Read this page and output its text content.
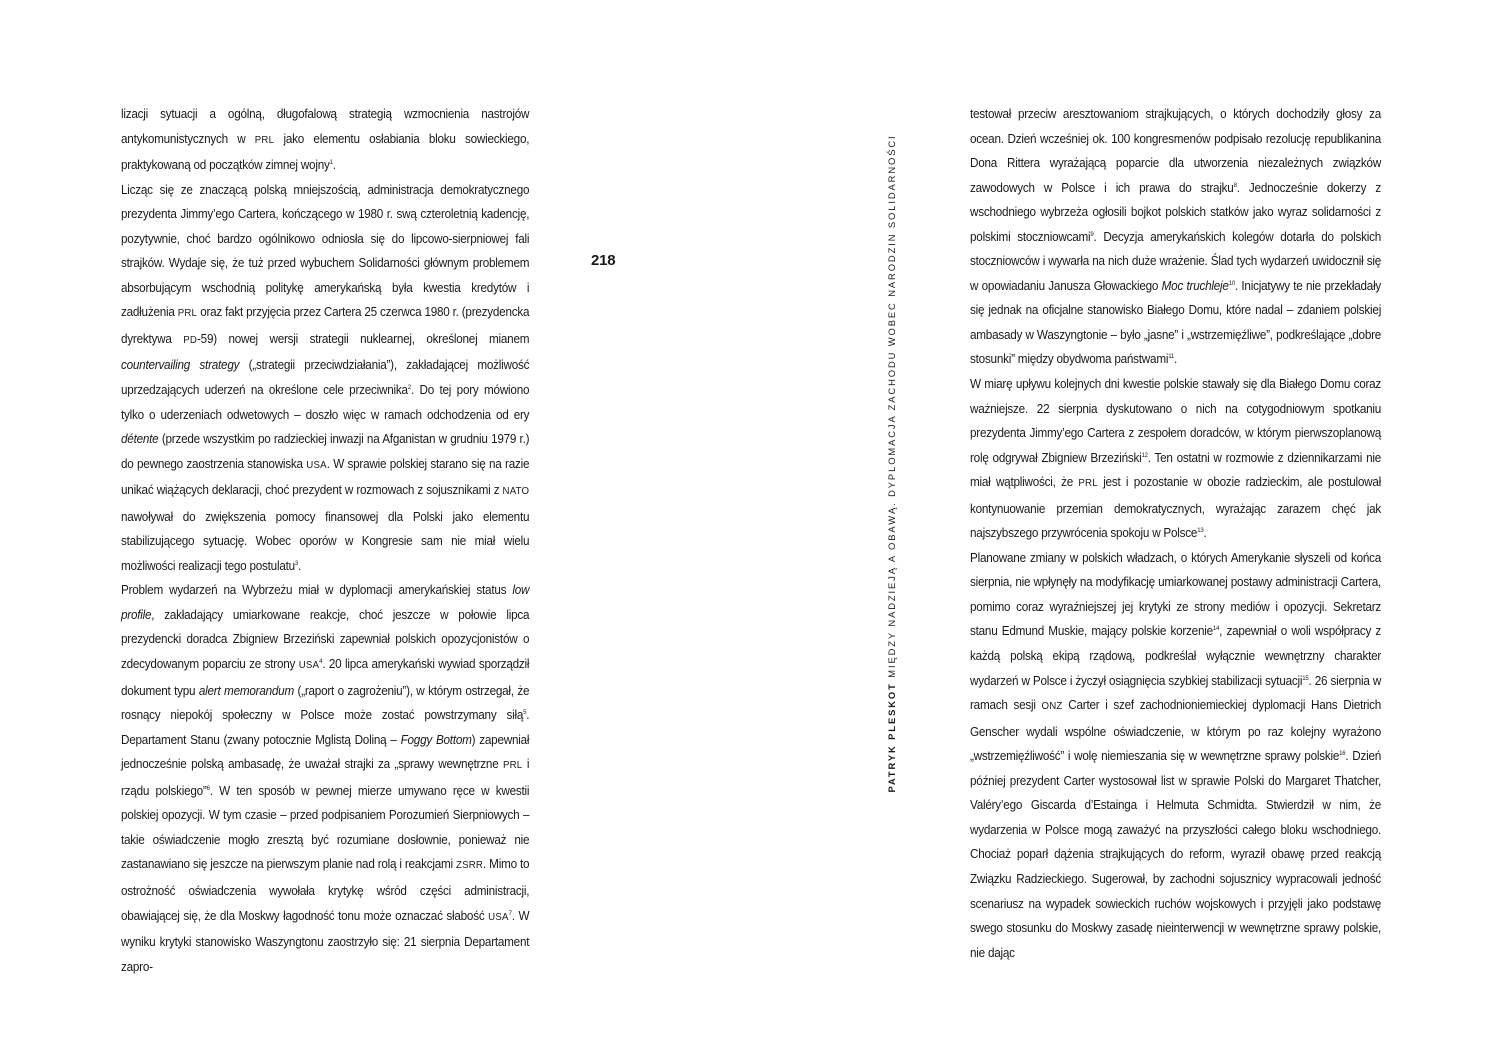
lizacji sytuacji a ogólną, długofalową strategią wzmocnienia nastrojów antykomunistycznych w PRL jako elementu osłabiania bloku sowieckiego, praktykowaną od początków zimnej wojny$^1$.

Licząc się ze znaczącą polską mniejszością, administracja demokratycznego prezydenta Jimmy’ego Cartera, kończącego w 1980 r. swą czteroletnią kadencję, pozytywnie, choć bardzo ogólnikowo odniosła się do lipcowo-sierpniowej fali strajków. Wydaje się, że tuż przed wybuchem Solidarności głównym problemem absorbującym wschodnią politykę amerykańską była kwestia kredytów i zadłużenia PRL oraz fakt przyjęcia przez Cartera 25 czerwca 1980 r. (prezydencka dyrektywa PD-59) nowej wersji strategii nuklearnej, określonej mianem countervailing strategy („strategii przeciwdziałania”), zakładającej możliwość uprzedzających uderzeń na określone cele przeciwnika$^2$. Do tej pory mówiono tylko o uderzeniach odwetowych – doszło więc w ramach odchodzenia od ery détente (przede wszystkim po radzieckiej inwazji na Afganistan w grudniu 1979 r.) do pewnego zaostrzenia stanowiska USA. W sprawie polskiej starano się na razie unikać wiążących deklaracji, choć prezydent w rozmowach z sojusznikami z NATO nawoływał do zwiększenia pomocy finansowej dla Polski jako elementu stabilizującego sytuację. Wobec oporów w Kongresie sam nie miał wielu możliwości realizacji tego postulatu$^3$.

Problem wydarzeń na Wybrzeżu miał w dyplomacji amerykańskiej status low profile, zakładający umiarkowane reakcje, choć jeszcze w połowie lipca prezydencki doradca Zbigniew Brzeziński zapewniał polskich opozycjonistów o zdecydowanym poparciu ze strony USA$^4$. 20 lipca amerykański wywiad sporządził dokument typu alert memorandum („raport o zagrożeniu”), w którym ostrzegał, że rosnący niepokój społeczny w Polsce może zostać powstrzymany siłą$^5$. Departament Stanu (zwany potocznie Mglistą Doliną – Foggy Bottom) zapewniał jednocześnie polską ambasadę, że uważał strajki za „sprawy wewnętrzne PRL i rządu polskiego”$^6$. W ten sposób w pewnej mierze umywano ręce w kwestii polskiej opozycji. W tym czasie – przed podpisaniem Porozumień Sierpniowych – takie oświadczenie mogło zresztą być rozumiane dosłownie, ponieważ nie zastanawiano się jeszcze na pierwszym planie nad rolą i reakcjami ZSRR. Mimo to ostrożność oświadczenia wywołała krytykę wśród części administracji, obawiającej się, że dla Moskwy łagodność tonu może oznaczać słabość USA$^7$. W wyniku krytyki stanowisko Waszyngtonu zaostrzyło się: 21 sierpnia Departament zapro-

218
PATRYK PLESKOT MIĘDZY NADZIEJĄ A OBAWĄ. DYPLOMACJA ZACHODU WOBEC NARODZIN SOLIDARNOŚCI

testował przeciw aresztowaniom strajkujących, o których dochodziły głosy za ocean. Dzień wcześniej ok. 100 kongresmenów podpisało rezolucję republikanina Dona Rittera wyrażającą poparcie dla utworzenia niezależnych związków zawodowych w Polsce i ich prawa do strajku$^8$. Jednocześnie dokerzy z wschodniego wybrzeża ogłosili bojkot polskich statków jako wyraz solidarności z polskimi stoczniowcami$^9$. Decyzja amerykańskich kolegów dotarła do polskich stoczniowców i wywarła na nich duże wrażenie. Ślad tych wydarzeń uwidocznił się w opowiadaniu Janusza Głowackiego Moc truchleje$^{10}$. Inicjatywy te nie przekładały się jednak na oficjalne stanowisko Białego Domu, które nadal – zdaniem polskiej ambasady w Waszyngtonie – było „jasne” i „wstrzemięźliwe”, podkreślające „dobre stosunki” między obydwoma państwami$^{11}$.

W miarę upływu kolejnych dni kwestie polskie stawały się dla Białego Domu coraz ważniejsze. 22 sierpnia dyskutowano o nich na cotygodniowym spotkaniu prezydenta Jimmy’ego Cartera z zespołem doradców, w którym pierwszoplanową rolę odgrywał Zbigniew Brzeziński$^{12}$. Ten ostatni w rozmowie z dziennikarzami nie miał wątpliwości, że PRL jest i pozostanie w obozie radzieckim, ale postulował kontynuowanie przemian demokratycznych, wyrażając zarazem chęć jak najszybszego przywrócenia spokoju w Polsce$^{13}$.

Planowane zmiany w polskich władzach, o których Amerykanie słyszeli od końca sierpnia, nie wpłynęły na modyfikację umiarkowanej postawy administracji Cartera, pomimo coraz wyraźniejszej jej krytyki ze strony mediów i opozycji. Sekretarz stanu Edmund Muskie, mający polskie korzenie$^{14}$, zapewniał o woli współpracy z każdą polską ekipą rządową, podkreślał wyłącznie wewnętrzny charakter wydarzeń w Polsce i życzył osiągnięcia szybkiej stabilizacji sytuacji$^{15}$. 26 sierpnia w ramach sesji ONZ Carter i szef zachodnioniemieckiej dyplomacji Hans Dietrich Genscher wydali wspólne oświadczenie, w którym po raz kolejny wyrażono „wstrzemięźliwość” i wolę niemieszania się w wewnętrzne sprawy polskie$^{16}$. Dzień później prezydent Carter wystosował list w sprawie Polski do Margaret Thatcher, Valéry’ego Giscarda d’Estainga i Helmuta Schmidta. Stwierdził w nim, że wydarzenia w Polsce mogą zaważyć na przyszłości całego bloku wschodniego. Chociaż poparł dążenia strajkujących do reform, wyraził obawę przed reakcją Związku Radzieckiego. Sugerował, by zachodni sojusznicy wypracowali jedność scenariusz na wypadek sowieckich ruchów wojskowych i przyjęli jako podstawę swego stosunku do Moskwy zasadę nieinterwencji w wewnętrzne sprawy polskie, nie dając
